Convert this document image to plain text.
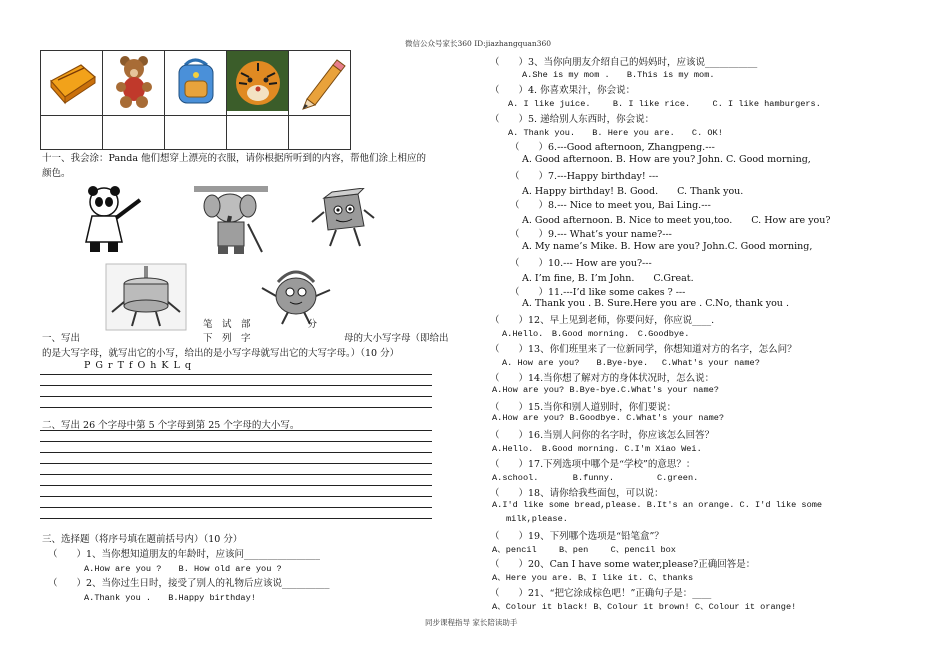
微信公众号家长360 ID:jiazhangquan360
同步课程指导 家长陪读助手

十一、我会涂：Panda 他们想穿上漂亮的衣服，请你根据所听到的内容，帮他们涂上相应的
颜色。
笔　试　部　　　　　　分
一、写出	下　列　字	母的大小写字母（即给出
的是大写字母，就写出它的小写，给出的是小写字母就写出它的大写字母。）（10 分）
P G r T f O h K L q
二、写出 26 个字母中第 5 个字母到第 25 个字母的大小写。
三、选择题（将序号填在题前括号内）（10 分）
（　　）1、当你想知道朋友的年龄时，应该问________________
A.How are you ?　　B. How old are you ?
（　　）2、当你过生日时，接受了别人的礼物后应该说__________
A.Thank you .　　B.Happy birthday!
（　　）3、当你向朋友介绍自己的妈妈时，应该说___________
A.She is my mom .　　B.This is my mom.
（　　）4. 你喜欢果汁，你会说：
A. I like juice.　　 B. I like rice.　　 C. I like hamburgers.
（　　）5. 递给别人东西时，你会说：
A. Thank you.　　B. Here you are.　　C. OK!
（　　）6.---Good afternoon, Zhangpeng.---
A. Good afternoon. B. How are you? John. C. Good morning,
（　　）7.---Happy birthday! ---
A. Happy birthday! B. Good.　　C. Thank you.
（　　）8.--- Nice to meet you, Bai Ling.---
A. Good afternoon. B. Nice to meet you,too.　　C. How are you?
（　　）9.--- What’s your name?---
A. My name’s Mike. B. How are you? John.C. Good morning,
（　　）10.--- How are you?---
A. I’m fine, B. I’m John.　　C.Great.
（　　）11.---I’d like some cakes ? ---
A. Thank you . B. Sure.Here you are . C.No, thank you .
（　　）12、早上见到老师，你要问好，你应说____.
A.Hello.　B.Good morning.　C.Goodbye.
（　　）13、你们班里来了一位新同学，你想知道对方的名字，怎么问？
A. How are you?　　B.Bye-bye.　 C.What's your name?
（　　）14.当你想了解对方的身体状况时，怎么说：
A.How are you? B.Bye-bye.C.What's your name?
（　　）15.当你和别人道别时，你们要说：
A.How are you? B.Goodbye. C.What's your name?
（　　）16.当别人问你的名字时，你应该怎么回答？
A.Hello.　B.Good morning. C.I'm Xiao Wei.
（　　）17.下列选项中哪个是“学校”的意思？：
A.school.　　　　B.funny.　　　　　C.green.
（　　）18、请你给我些面包，可以说：
A.I'd like some bread,please. B.It's an orange. C. I'd like some
milk,please.
（　　）19、下列哪个选项是“铅笔盒”？
A、pencil　　 B、pen　　 C、pencil box
（　　）20、Can I have some water,please?正确回答是：
A、Here you are. B、I like it. C、thanks
（　　）21、“把它涂成棕色吧！”正确句子是：____
A、Colour it black! B、Colour it brown! C、Colour it orange!
